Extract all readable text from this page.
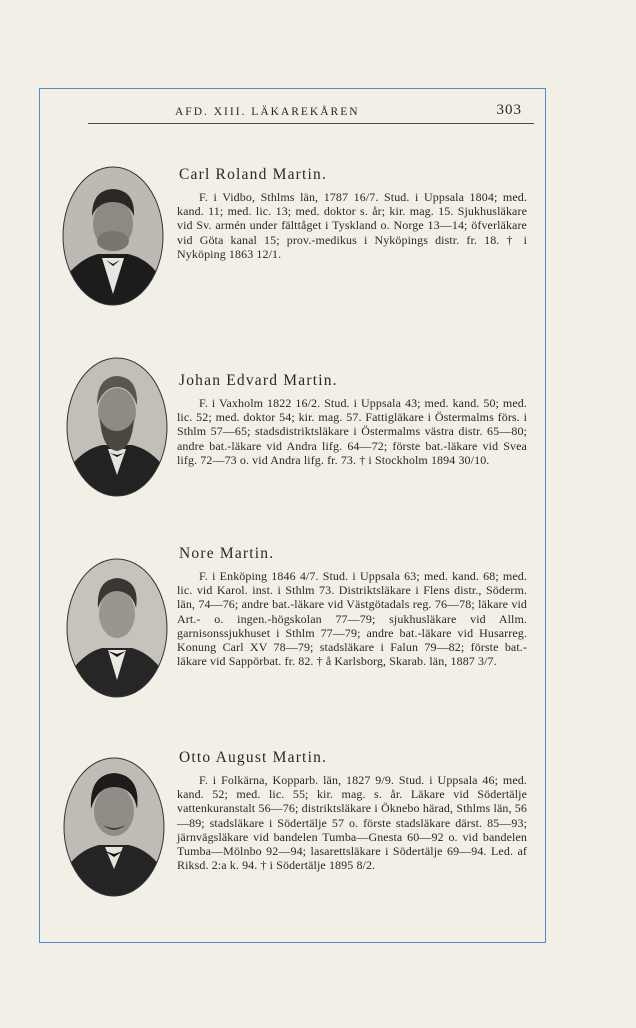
AFD. XIII. LÄKAREKÅREN	303
Carl Roland Martin.

F. i Vidbo, Sthlms län, 1787 16/7. Stud. i Uppsala 1804; med. kand. 11; med. lic. 13; med. doktor s. år; kir. mag. 15. Sjukhusläkare vid Sv. armén under fälttåget i Tyskland o. Norge 13—14; öfverläkare vid Göta kanal 15; prov.-medikus i Nyköpings distr. fr. 18. † i Nyköping 1863 12/1.

Johan Edvard Martin.

F. i Vaxholm 1822 16/2. Stud. i Uppsala 43; med. kand. 50; med. lic. 52; med. doktor 54; kir. mag. 57. Fattigläkare i Östermalms förs. i Sthlm 57—65; stadsdistriktsläkare i Östermalms västra distr. 65—80; andre bat.-läkare vid Andra lifg. 64—72; förste bat.-läkare vid Svea lifg. 72—73 o. vid Andra lifg. fr. 73. † i Stockholm 1894 30/10.

Nore Martin.

F. i Enköping 1846 4/7. Stud. i Uppsala 63; med. kand. 68; med. lic. vid Karol. inst. i Sthlm 73. Distriktsläkare i Flens distr., Söderm. län, 74—76; andre bat.-läkare vid Västgötadals reg. 76—78; läkare vid Art.- o. ingen.-högskolan 77—79; sjukhusläkare vid Allm. garnisonssjukhuset i Sthlm 77—79; andre bat.-läkare vid Husarreg. Konung Carl XV 78—79; stadsläkare i Falun 79—82; förste bat.-läkare vid Sappörbat. fr. 82. † å Karlsborg, Skarab. län, 1887 3/7.

Otto August Martin.

F. i Folkärna, Kopparb. län, 1827 9/9. Stud. i Uppsala 46; med. kand. 52; med. lic. 55; kir. mag. s. år. Läkare vid Södertälje vattenkuranstalt 56—76; distriktsläkare i Öknebo härad, Sthlms län, 56—89; stadsläkare i Södertälje 57 o. förste stadsläkare därst. 85—93; järnvägsläkare vid bandelen Tumba—Gnesta 60—92 o. vid bandelen Tumba—Mölnbo 92—94; lasarettsläkare i Södertälje 69—94. Led. af Riksd. 2:a k. 94. † i Södertälje 1895 8/2.
